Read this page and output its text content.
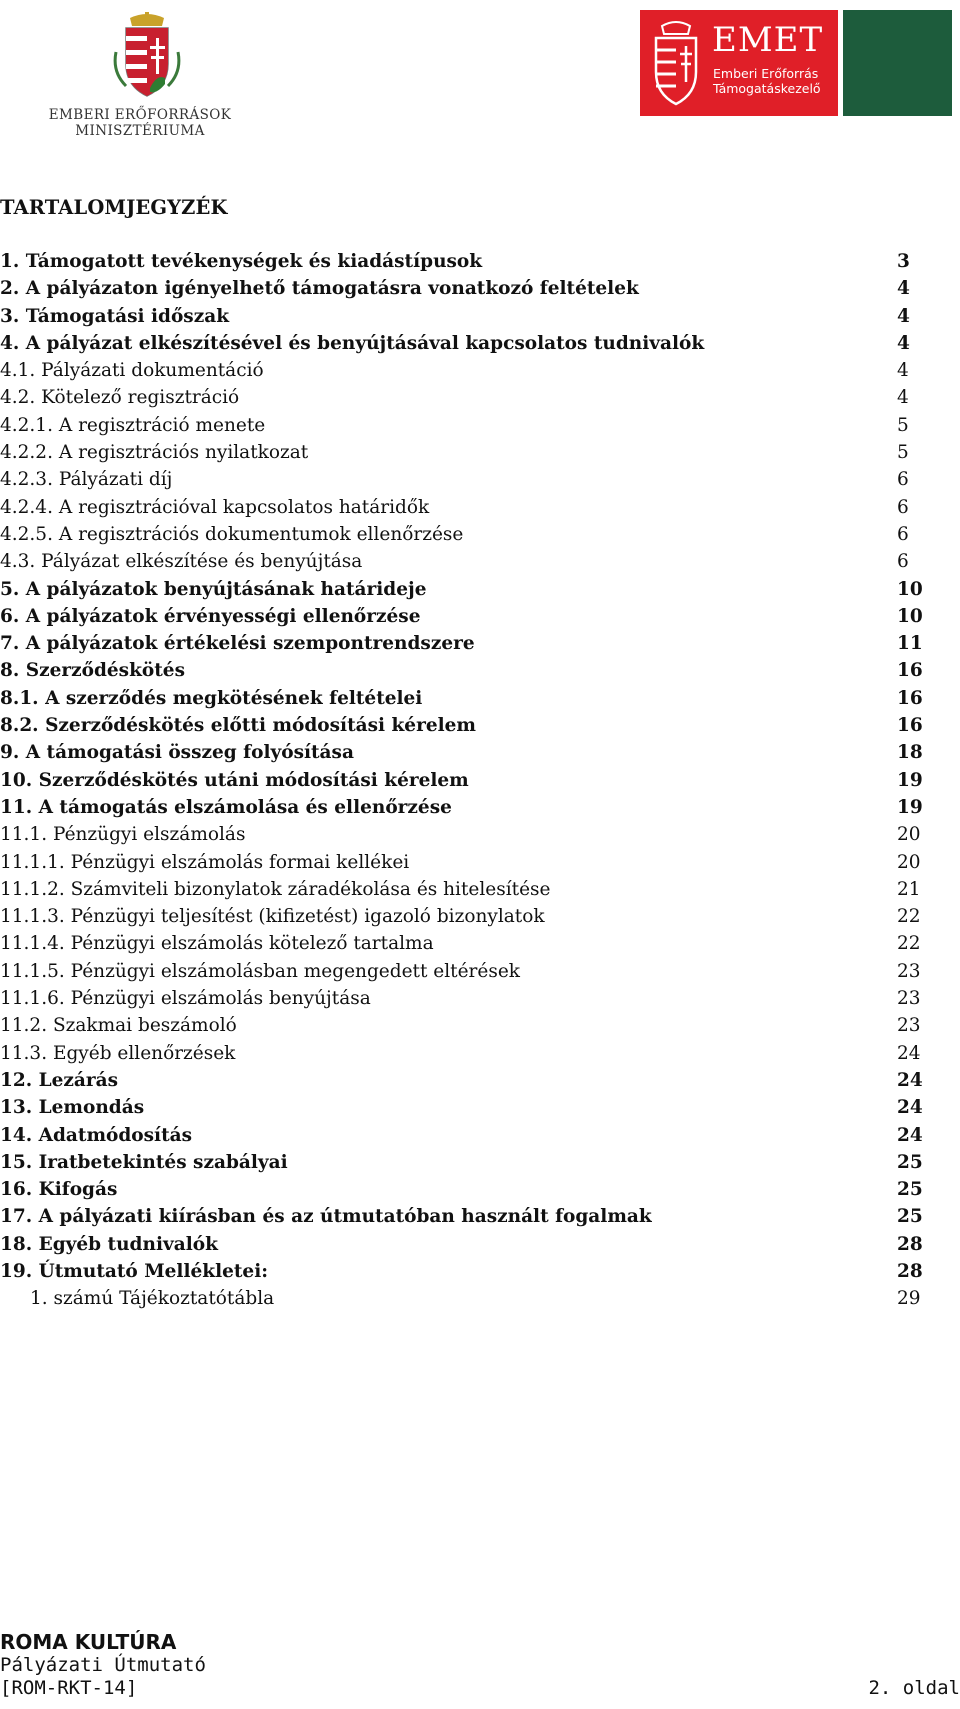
EMBERI ERŐFORRÁSOK
MINISZTÉRIUMA
EMET
Emberi Erőforrás
Támogatáskezelő
TARTALOMJEGYZÉK
1. Támogatott tevékenységek és kiadástípusok	3
2. A pályázaton igényelhető támogatásra vonatkozó feltételek	4
3. Támogatási időszak	4
4. A pályázat elkészítésével és benyújtásával kapcsolatos tudnivalók	4
4.1. Pályázati dokumentáció	4
4.2. Kötelező regisztráció	4
4.2.1. A regisztráció menete	5
4.2.2. A regisztrációs nyilatkozat	5
4.2.3. Pályázati díj	6
4.2.4. A regisztrációval kapcsolatos határidők	6
4.2.5. A regisztrációs dokumentumok ellenőrzése	6
4.3. Pályázat elkészítése és benyújtása	6
5. A pályázatok benyújtásának határideje	10
6. A pályázatok érvényességi ellenőrzése	10
7. A pályázatok értékelési szempontrendszere	11
8. Szerződéskötés	16
8.1. A szerződés megkötésének feltételei	16
8.2. Szerződéskötés előtti módosítási kérelem	16
9. A támogatási összeg folyósítása	18
10. Szerződéskötés utáni módosítási kérelem	19
11. A támogatás elszámolása és ellenőrzése	19
11.1. Pénzügyi elszámolás	20
11.1.1. Pénzügyi elszámolás formai kellékei	20
11.1.2. Számviteli bizonylatok záradékolása és hitelesítése	21
11.1.3. Pénzügyi teljesítést (kifizetést) igazoló bizonylatok	22
11.1.4. Pénzügyi elszámolás kötelező tartalma	22
11.1.5. Pénzügyi elszámolásban megengedett eltérések	23
11.1.6. Pénzügyi elszámolás benyújtása	23
11.2. Szakmai beszámoló	23
11.3. Egyéb ellenőrzések	24
12. Lezárás	24
13. Lemondás	24
14. Adatmódosítás	24
15. Iratbetekintés szabályai	25
16. Kifogás	25
17. A pályázati kiírásban és az útmutatóban használt fogalmak	25
18. Egyéb tudnivalók	28
19. Útmutató Mellékletei:	28
1. számú Tájékoztatótábla	29
ROMA KULTÚRA
Pályázati Útmutató
[ROM-RKT-14]	2. oldal
